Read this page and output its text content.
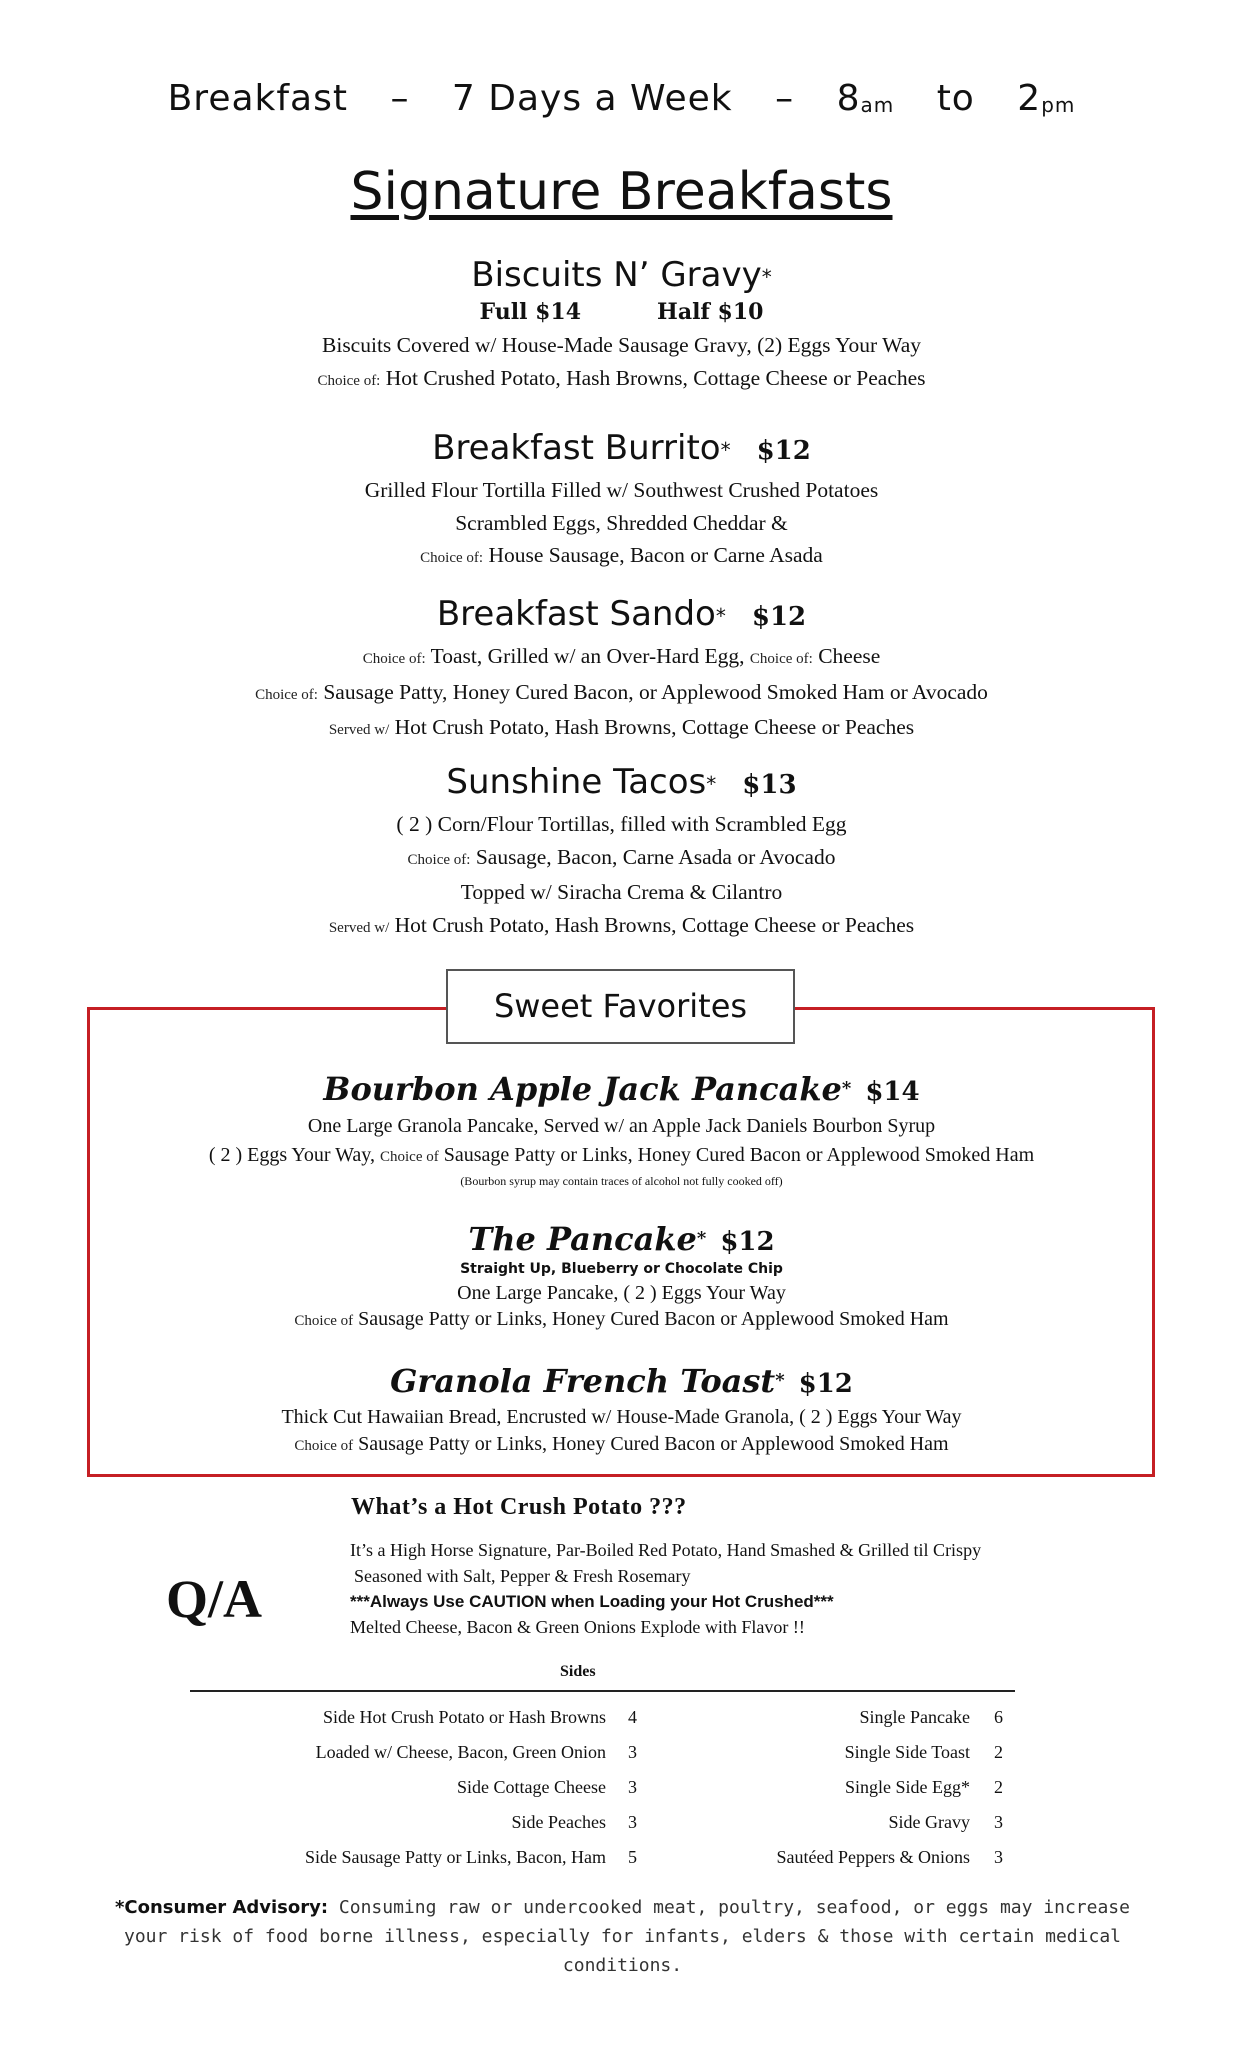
Breakfast – 7 Days a Week – $8_{am}$ to $2_{pm}$
Signature Breakfasts
Biscuits N’ Gravy*
Full $14	Half $10
Biscuits Covered w/ House-Made Sausage Gravy, (2) Eggs Your Way
Choice of: Hot Crushed Potato, Hash Browns, Cottage Cheese or Peaches
Breakfast Burrito* $12
Grilled Flour Tortilla Filled w/ Southwest Crushed Potatoes
Scrambled Eggs, Shredded Cheddar &
Choice of: House Sausage, Bacon or Carne Asada
Breakfast Sando* $12
Choice of: Toast, Grilled w/ an Over-Hard Egg, Choice of: Cheese
Choice of: Sausage Patty, Honey Cured Bacon, or Applewood Smoked Ham or Avocado
Served w/ Hot Crush Potato, Hash Browns, Cottage Cheese or Peaches
Sunshine Tacos* $13
( 2 ) Corn/Flour Tortillas, filled with Scrambled Egg
Choice of: Sausage, Bacon, Carne Asada or Avocado
Topped w/ Siracha Crema & Cilantro
Served w/ Hot Crush Potato, Hash Browns, Cottage Cheese or Peaches
Sweet Favorites
Bourbon Apple Jack Pancake* $14
One Large Granola Pancake, Served w/ an Apple Jack Daniels Bourbon Syrup
( 2 ) Eggs Your Way, Choice of Sausage Patty or Links, Honey Cured Bacon or Applewood Smoked Ham
(Bourbon syrup may contain traces of alcohol not fully cooked off)
The Pancake* $12
Straight Up, Blueberry or Chocolate Chip
One Large Pancake, ( 2 ) Eggs Your Way
Choice of Sausage Patty or Links, Honey Cured Bacon or Applewood Smoked Ham
Granola French Toast* $12
Thick Cut Hawaiian Bread, Encrusted w/ House-Made Granola, ( 2 ) Eggs Your Way
Choice of Sausage Patty or Links, Honey Cured Bacon or Applewood Smoked Ham
What’s a Hot Crush Potato ???
Q/A
It’s a High Horse Signature, Par-Boiled Red Potato, Hand Smashed & Grilled til Crispy
Seasoned with Salt, Pepper & Fresh Rosemary
***Always Use CAUTION when Loading your Hot Crushed***
Melted Cheese, Bacon & Green Onions Explode with Flavor !!
Sides
Side Hot Crush Potato or Hash Browns 4
Loaded w/ Cheese, Bacon, Green Onion 3
Side Cottage Cheese 3
Side Peaches 3
Side Sausage Patty or Links, Bacon, Ham 5
Single Pancake 6
Single Side Toast 2
Single Side Egg* 2
Side Gravy 3
Sautéed Peppers & Onions 3
*Consumer Advisory: Consuming raw or undercooked meat, poultry, seafood, or eggs may increase
your risk of food borne illness, especially for infants, elders & those with certain medical conditions.
